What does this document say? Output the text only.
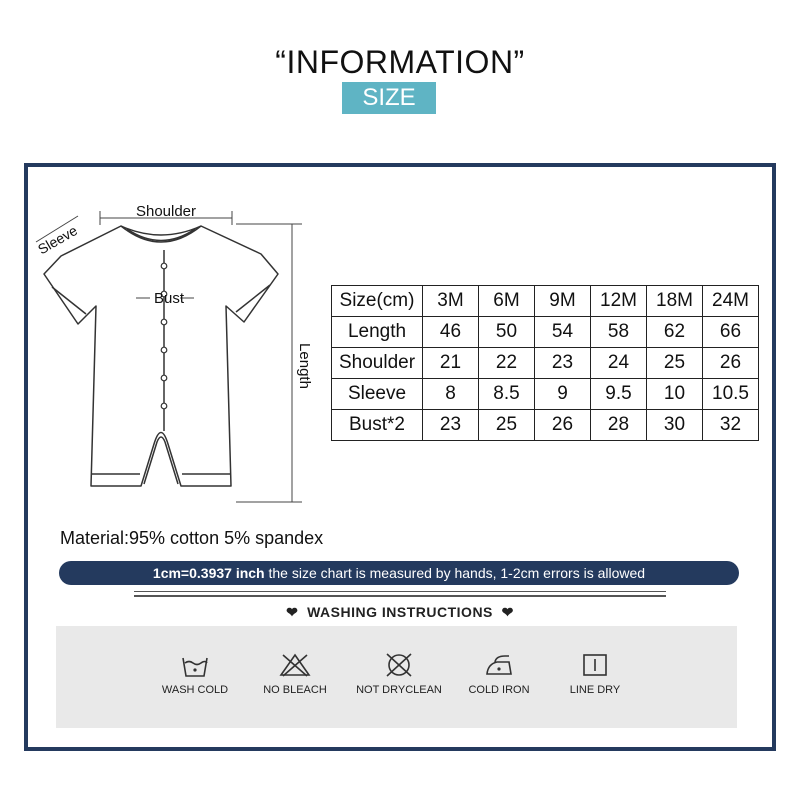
“INFORMATION”
SIZE
Shoulder
Sleeve
Bust
Length
Size(cm)	3M	6M	9M	12M	18M	24M
Length	46	50	54	58	62	66
Shoulder	21	22	23	24	25	26
Sleeve	8	8.5	9	9.5	10	10.5
Bust*2	23	25	26	28	30	32
Material:95% cotton 5% spandex
1cm=0.3937 inch the size chart is measured by hands, 1-2cm errors is allowed
❤ WASHING INSTRUCTIONS ❤
WASH COLD	NO BLEACH	NOT DRYCLEAN	COLD IRON	LINE DRY
